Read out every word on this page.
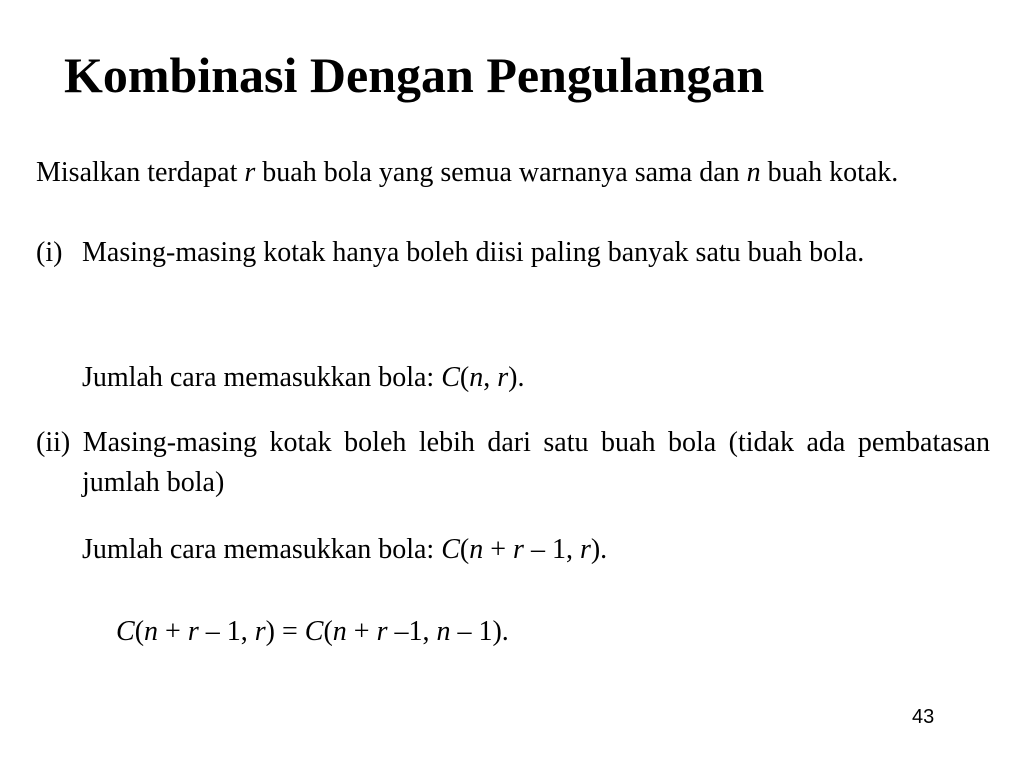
Kombinasi Dengan Pengulangan
Misalkan terdapat r buah bola yang semua warnanya sama dan n buah kotak.
(i) Masing-masing kotak hanya boleh diisi paling banyak satu buah bola.
Jumlah cara memasukkan bola: C(n, r).
(ii) Masing-masing kotak boleh lebih dari satu buah bola (tidak ada pembatasan jumlah bola)
Jumlah cara memasukkan bola: C(n + r – 1, r).
C(n + r – 1, r) = C(n + r –1, n – 1).
43
